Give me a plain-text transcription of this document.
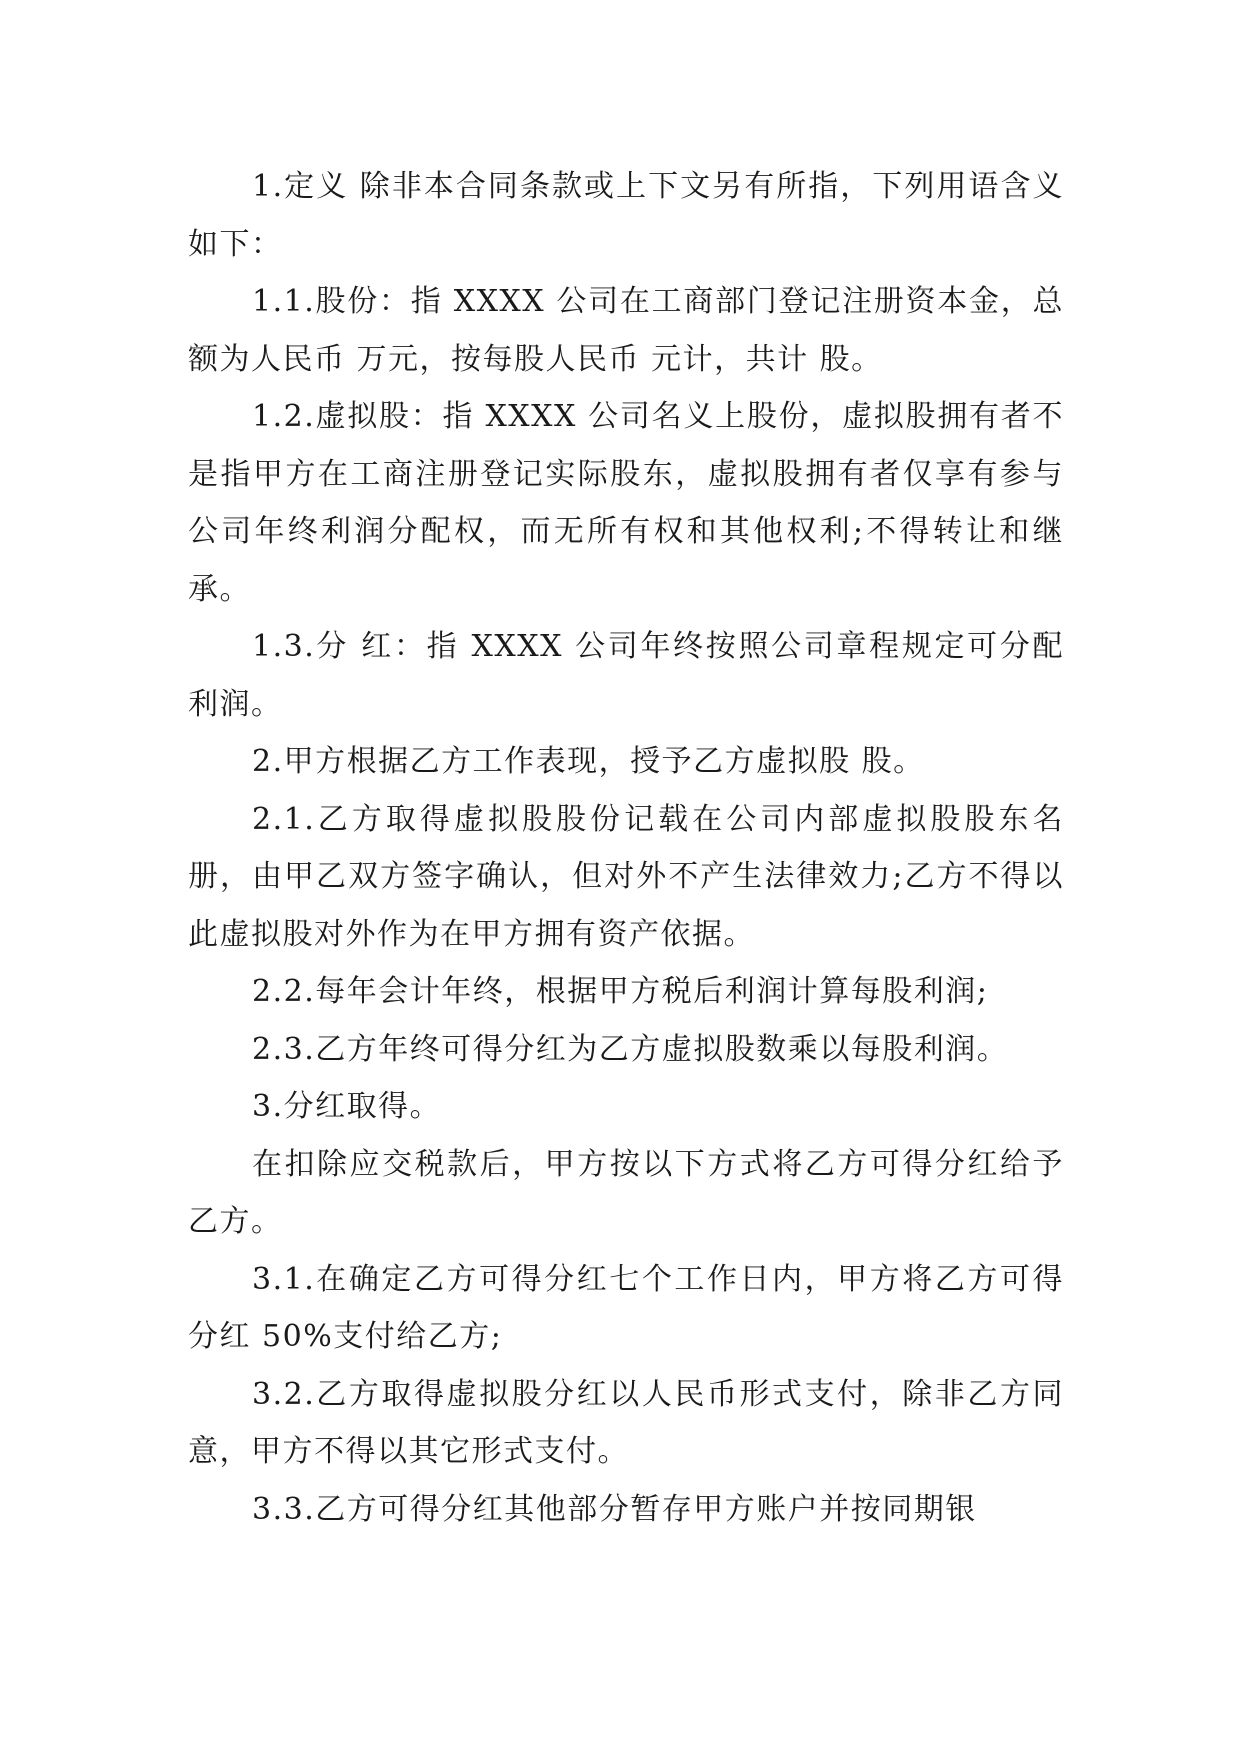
1.定义 除非本合同条款或上下文另有所指，下列用语含义如下：

1.1.股份：指 XXXX 公司在工商部门登记注册资本金，总额为人民币 万元，按每股人民币 元计，共计 股。

1.2.虚拟股：指 XXXX 公司名义上股份，虚拟股拥有者不是指甲方在工商注册登记实际股东，虚拟股拥有者仅享有参与公司年终利润分配权，而无所有权和其他权利;不得转让和继承。

1.3.分 红：指 XXXX 公司年终按照公司章程规定可分配利润。

2.甲方根据乙方工作表现，授予乙方虚拟股 股。

2.1.乙方取得虚拟股股份记载在公司内部虚拟股股东名册，由甲乙双方签字确认，但对外不产生法律效力;乙方不得以此虚拟股对外作为在甲方拥有资产依据。

2.2.每年会计年终，根据甲方税后利润计算每股利润;

2.3.乙方年终可得分红为乙方虚拟股数乘以每股利润。

3.分红取得。

在扣除应交税款后，甲方按以下方式将乙方可得分红给予乙方。

3.1.在确定乙方可得分红七个工作日内，甲方将乙方可得分红 50%支付给乙方;

3.2.乙方取得虚拟股分红以人民币形式支付，除非乙方同意，甲方不得以其它形式支付。

3.3.乙方可得分红其他部分暂存甲方账户并按同期银
